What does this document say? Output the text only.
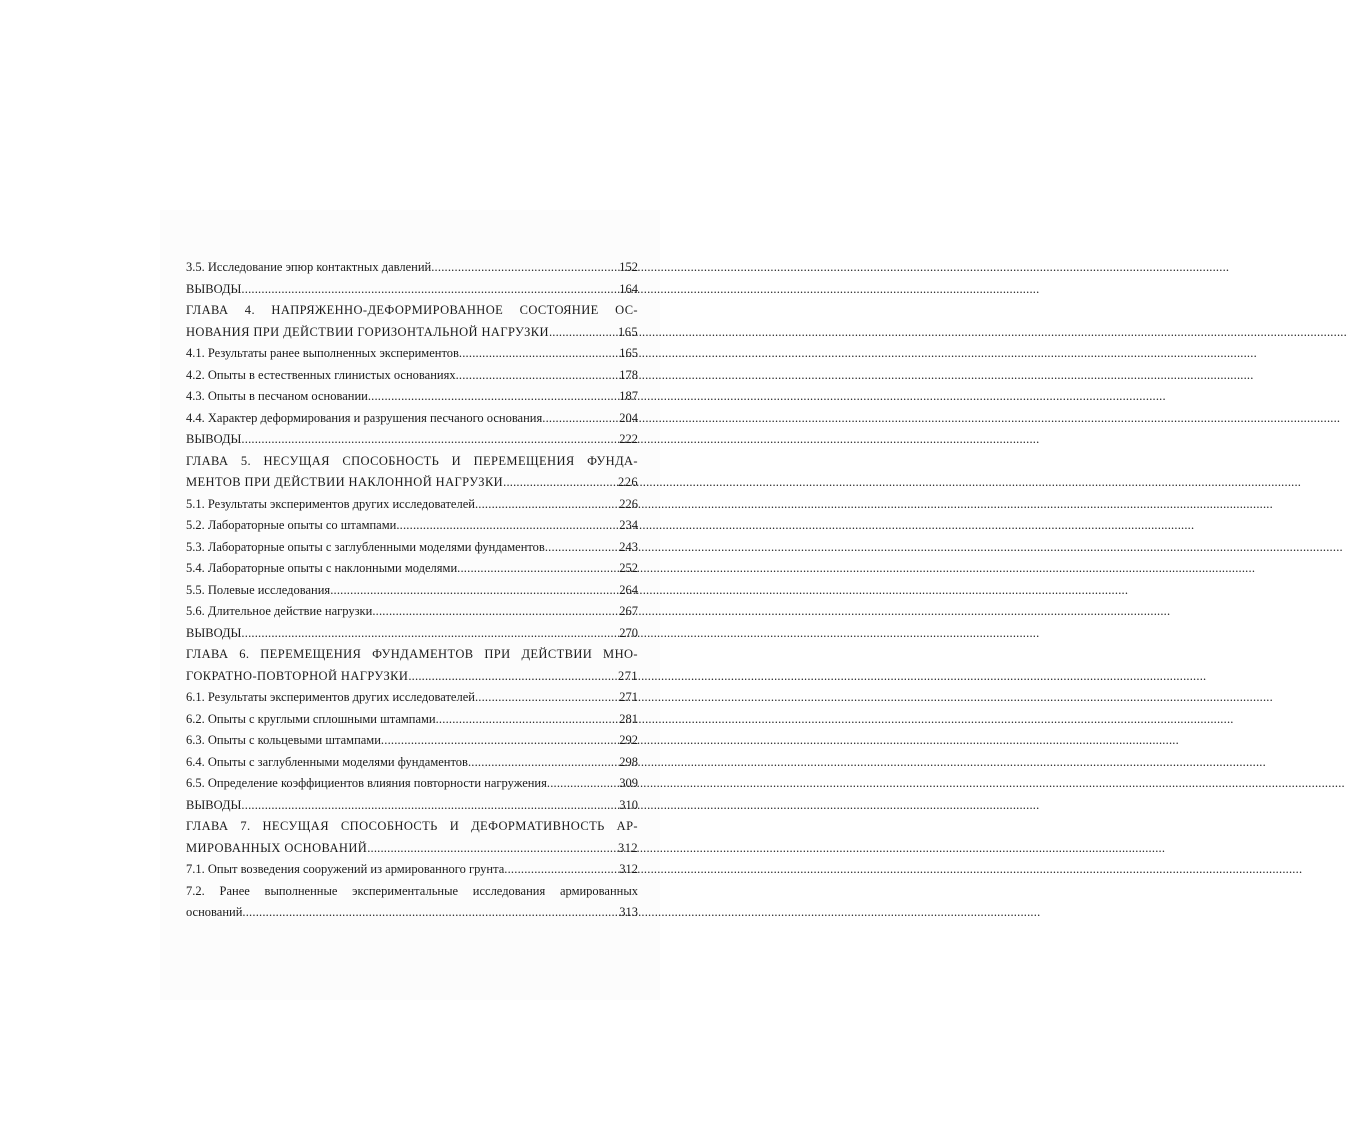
3.5. Исследование эпюр контактных давлений .....	152
ВЫВОДЫ .....	164
ГЛАВА 4. НАПРЯЖЕННО-ДЕФОРМИРОВАННОЕ СОСТОЯНИЕ ОС-
НОВАНИЯ ПРИ ДЕЙСТВИИ ГОРИЗОНТАЛЬНОЙ НАГРУЗКИ .....	165
4.1. Результаты ранее выполненных экспериментов .....	165
4.2. Опыты в естественных глинистых основаниях .....	178
4.3. Опыты в песчаном основании .....	187
4.4. Характер деформирования и разрушения песчаного основания .....	204
ВЫВОДЫ .....	222
ГЛАВА 5. НЕСУЩАЯ СПОСОБНОСТЬ И ПЕРЕМЕЩЕНИЯ ФУНДА-
МЕНТОВ ПРИ ДЕЙСТВИИ НАКЛОННОЙ НАГРУЗКИ .....	226
5.1. Результаты экспериментов других исследователей .....	226
5.2. Лабораторные опыты со штампами .....	234
5.3. Лабораторные опыты с заглубленными моделями фундаментов .....	243
5.4. Лабораторные опыты с наклонными моделями .....	252
5.5. Полевые исследования .....	264
5.6. Длительное действие нагрузки .....	267
ВЫВОДЫ .....	270
ГЛАВА 6. ПЕРЕМЕЩЕНИЯ ФУНДАМЕНТОВ ПРИ ДЕЙСТВИИ МНО-
ГОКРАТНО-ПОВТОРНОЙ НАГРУЗКИ .....	271
6.1. Результаты экспериментов других исследователей .....	271
6.2. Опыты с круглыми сплошными штампами .....	281
6.3. Опыты с кольцевыми штампами .....	292
6.4. Опыты с заглубленными моделями фундаментов .....	298
6.5. Определение коэффициентов влияния повторности нагружения .....	309
ВЫВОДЫ .....	310
ГЛАВА 7. НЕСУЩАЯ СПОСОБНОСТЬ И ДЕФОРМАТИВНОСТЬ АР-
МИРОВАННЫХ ОСНОВАНИЙ .....	312
7.1. Опыт возведения сооружений из армированного грунта .....	312
7.2. Ранее выполненные экспериментальные исследования армированных
оснований .....	313
